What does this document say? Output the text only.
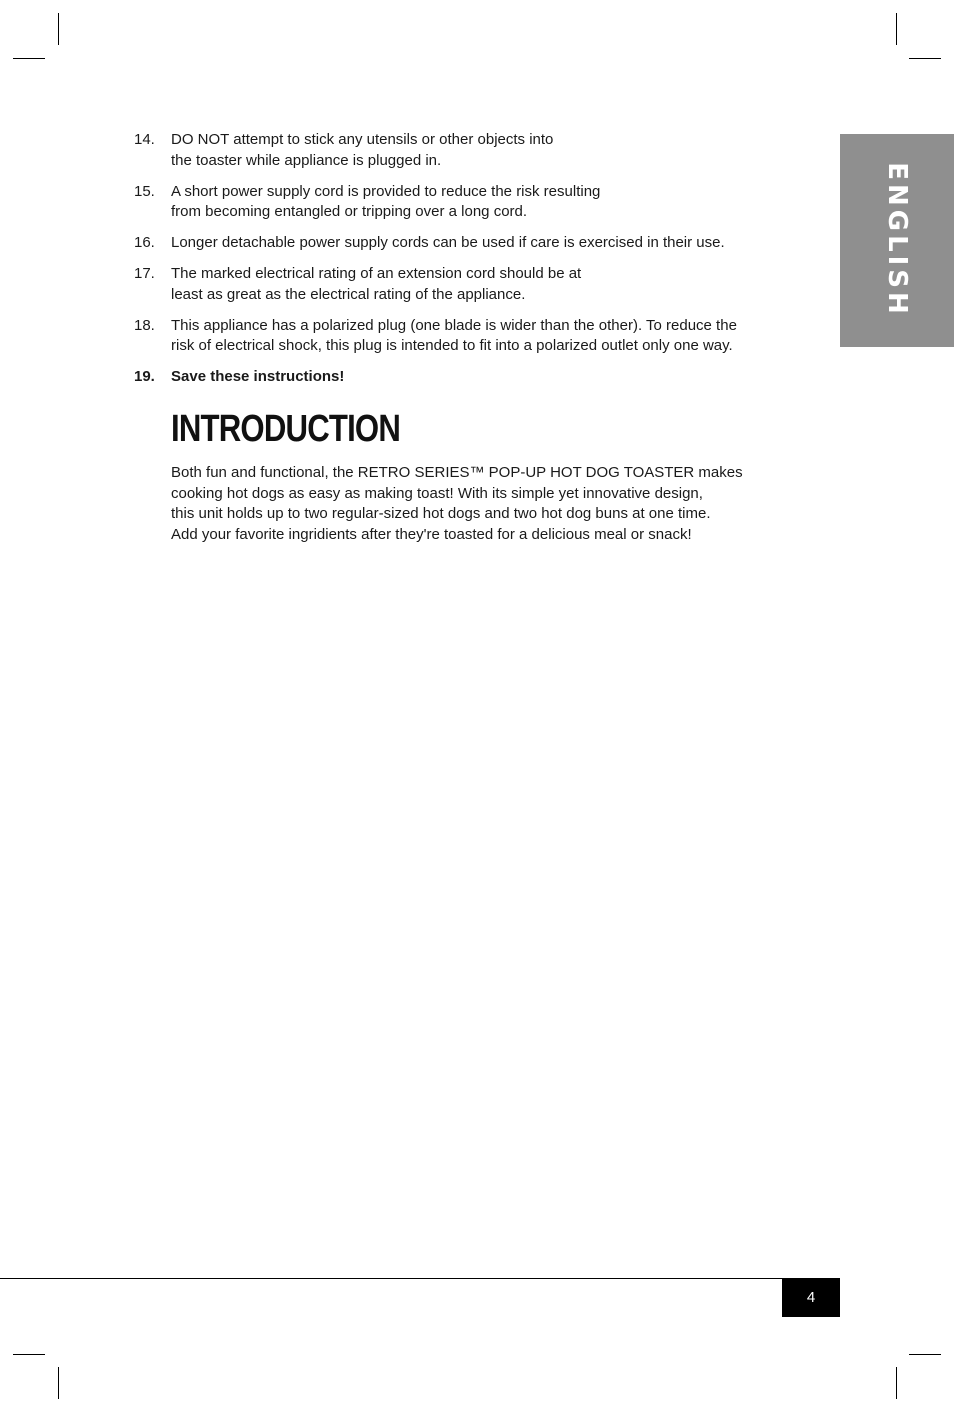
ENGLISH
14. DO NOT attempt to stick any utensils or other objects into
the toaster while appliance is plugged in.
15. A short power supply cord is provided to reduce the risk resulting
from becoming entangled or tripping over a long cord.
16. Longer detachable power supply cords can be used if care is exercised in their use.
17. The marked electrical rating of an extension cord should be at
least as great as the electrical rating of the appliance.
18. This appliance has a polarized plug (one blade is wider than the other). To reduce the
risk of electrical shock, this plug is intended to fit into a polarized outlet only one way.
19. Save these instructions!
INTRODUCTION

Both fun and functional, the RETRO SERIES™ POP-UP HOT DOG TOASTER makes
cooking hot dogs as easy as making toast! With its simple yet innovative design,
this unit holds up to two regular-sized hot dogs and two hot dog buns at one time.
Add your favorite ingridients after they're toasted for a delicious meal or snack!

4
